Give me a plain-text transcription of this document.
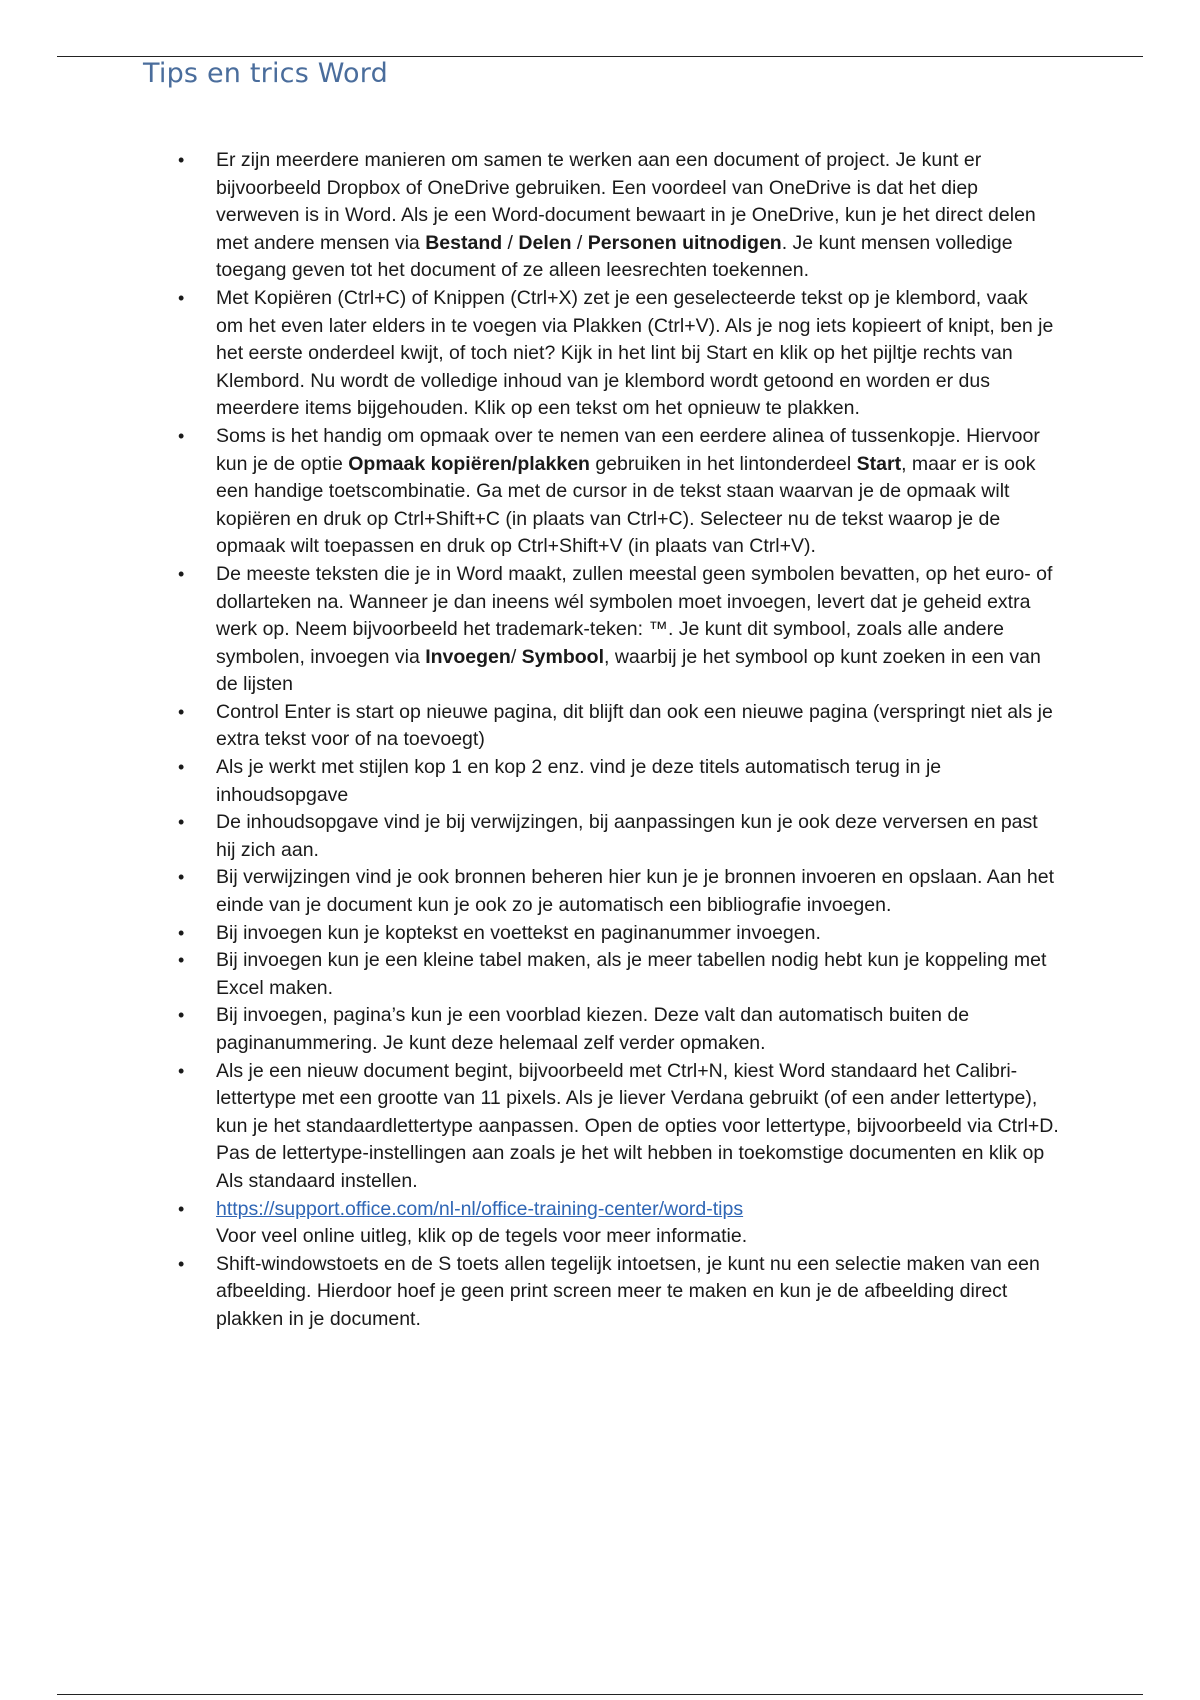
Tips en trics Word
• Er zijn meerdere manieren om samen te werken aan een document of project. Je kunt er bijvoorbeeld Dropbox of OneDrive gebruiken. Een voordeel van OneDrive is dat het diep verweven is in Word. Als je een Word-document bewaart in je OneDrive, kun je het direct delen met andere mensen via Bestand / Delen / Personen uitnodigen. Je kunt mensen volledige toegang geven tot het document of ze alleen leesrechten toekennen.
• Met Kopiëren (Ctrl+C) of Knippen (Ctrl+X) zet je een geselecteerde tekst op je klembord, vaak om het even later elders in te voegen via Plakken (Ctrl+V). Als je nog iets kopieert of knipt, ben je het eerste onderdeel kwijt, of toch niet? Kijk in het lint bij Start en klik op het pijltje rechts van Klembord. Nu wordt de volledige inhoud van je klembord wordt getoond en worden er dus meerdere items bijgehouden. Klik op een tekst om het opnieuw te plakken.
• Soms is het handig om opmaak over te nemen van een eerdere alinea of tussenkopje. Hiervoor kun je de optie Opmaak kopiëren/plakken gebruiken in het lintonderdeel Start, maar er is ook een handige toetscombinatie. Ga met de cursor in de tekst staan waarvan je de opmaak wilt kopiëren en druk op Ctrl+Shift+C (in plaats van Ctrl+C). Selecteer nu de tekst waarop je de opmaak wilt toepassen en druk op Ctrl+Shift+V (in plaats van Ctrl+V).
• De meeste teksten die je in Word maakt, zullen meestal geen symbolen bevatten, op het euro- of dollarteken na. Wanneer je dan ineens wél symbolen moet invoegen, levert dat je geheid extra werk op. Neem bijvoorbeeld het trademark-teken: ™. Je kunt dit symbool, zoals alle andere symbolen, invoegen via Invoegen/ Symbool, waarbij je het symbool op kunt zoeken in een van de lijsten
• Control Enter is start op nieuwe pagina, dit blijft dan ook een nieuwe pagina (verspringt niet als je extra tekst voor of na toevoegt)
• Als je werkt met stijlen kop 1 en kop 2 enz. vind je deze titels automatisch terug in je inhoudsopgave
• De inhoudsopgave vind je bij verwijzingen, bij aanpassingen kun je ook deze verversen en past hij zich aan.
• Bij verwijzingen vind je ook bronnen beheren hier kun je je bronnen invoeren en opslaan. Aan het einde van je document kun je ook zo je automatisch een bibliografie invoegen.
• Bij invoegen kun je koptekst en voettekst en paginanummer invoegen.
• Bij invoegen kun je een kleine tabel maken, als je meer tabellen nodig hebt kun je koppeling met Excel maken.
• Bij invoegen, pagina’s kun je een voorblad kiezen. Deze valt dan automatisch buiten de paginanummering. Je kunt deze helemaal zelf verder opmaken.
• Als je een nieuw document begint, bijvoorbeeld met Ctrl+N, kiest Word standaard het Calibri-lettertype met een grootte van 11 pixels. Als je liever Verdana gebruikt (of een ander lettertype), kun je het standaardlettertype aanpassen. Open de opties voor lettertype, bijvoorbeeld via Ctrl+D. Pas de lettertype-instellingen aan zoals je het wilt hebben in toekomstige documenten en klik op Als standaard instellen.
• https://support.office.com/nl-nl/office-training-center/word-tips
Voor veel online uitleg, klik op de tegels voor meer informatie.
• Shift-windowstoets en de S toets allen tegelijk intoetsen, je kunt nu een selectie maken van een afbeelding. Hierdoor hoef je geen print screen meer te maken en kun je de afbeelding direct plakken in je document.
